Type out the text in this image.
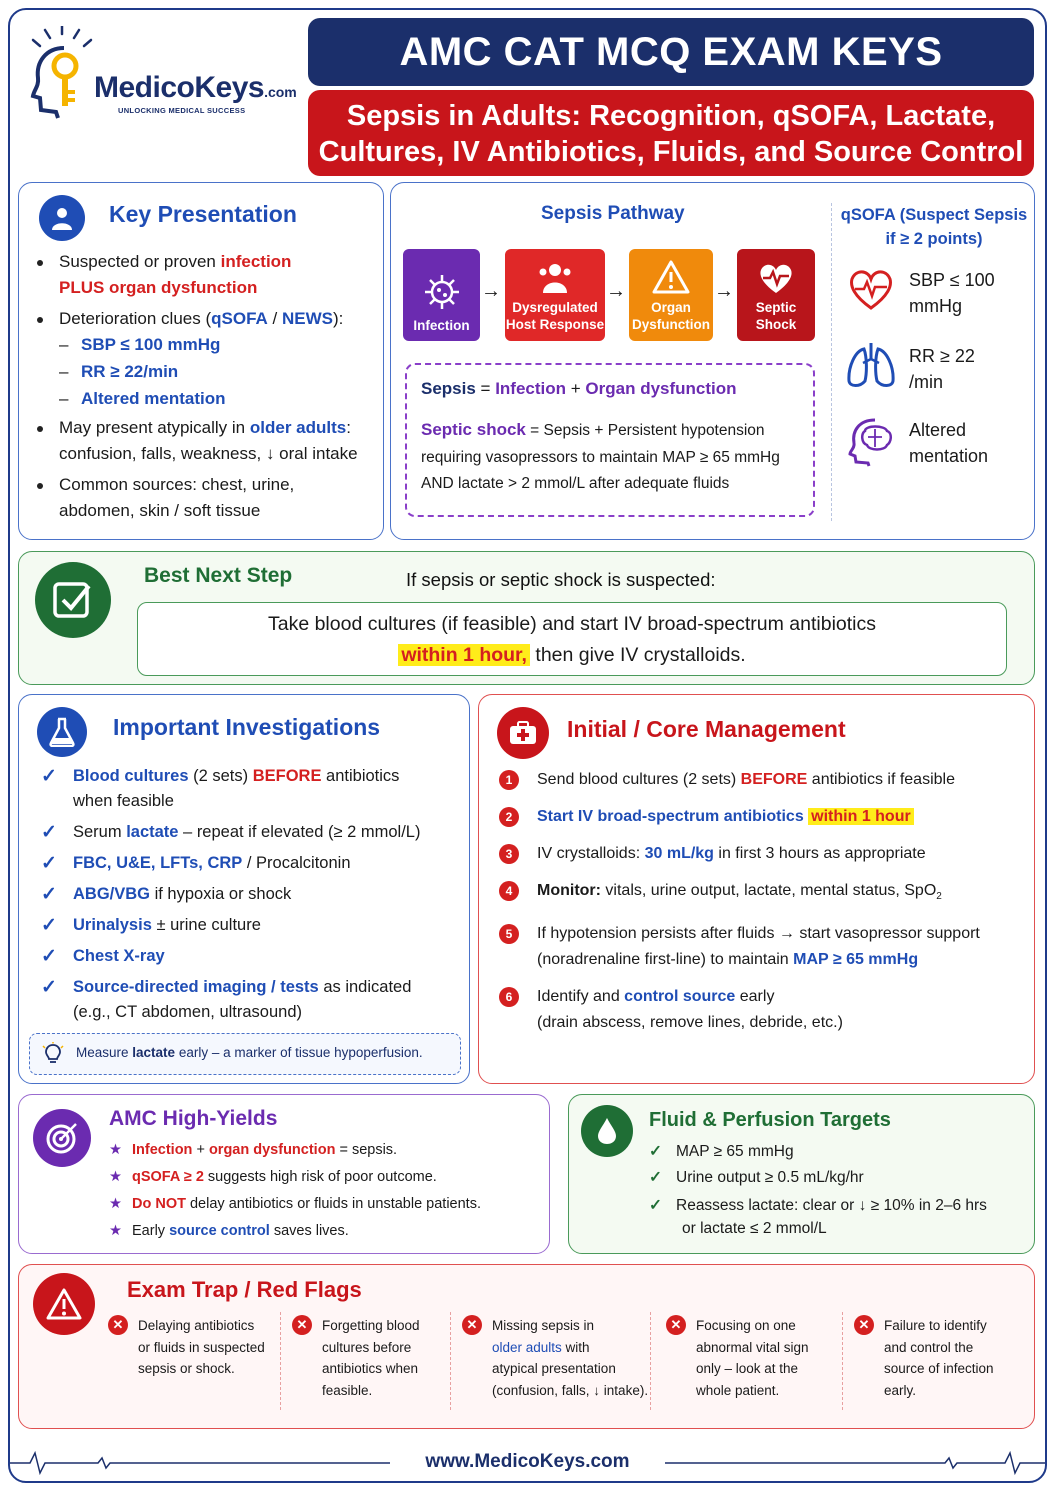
MedicoKeys.com
UNLOCKING MEDICAL SUCCESS
AMC CAT MCQ EXAM KEYS
Sepsis in Adults: Recognition, qSOFA, Lactate,
Cultures, IV Antibiotics, Fluids, and Source Control
Key Presentation
Suspected or proven infection
PLUS organ dysfunction
Deterioration clues (qSOFA / NEWS):
– SBP ≤ 100 mmHg
– RR ≥ 22/min
– Altered mentation
May present atypically in older adults:
confusion, falls, weakness, ↓ oral intake
Common sources: chest, urine,
abdomen, skin / soft tissue
Sepsis Pathway
Infection
→
Dysregulated
Host Response
→
Organ
Dysfunction
→
Septic
Shock
Sepsis = Infection + Organ dysfunction
Septic shock = Sepsis + Persistent hypotension
requiring vasopressors to maintain MAP ≥ 65 mmHg
AND lactate > 2 mmol/L after adequate fluids
qSOFA (Suspect Sepsis
if ≥ 2 points)
SBP ≤ 100
mmHg
RR ≥ 22
/min
Altered
mentation
Best Next Step	If sepsis or septic shock is suspected:
Take blood cultures (if feasible) and start IV broad-spectrum antibiotics
within 1 hour, then give IV crystalloids.
Important Investigations
✓ Blood cultures (2 sets) BEFORE antibiotics
when feasible
✓ Serum lactate – repeat if elevated (≥ 2 mmol/L)
✓ FBC, U&E, LFTs, CRP / Procalcitonin
✓ ABG/VBG if hypoxia or shock
✓ Urinalysis ± urine culture
✓ Chest X-ray
✓ Source-directed imaging / tests as indicated
(e.g., CT abdomen, ultrasound)
Measure lactate early – a marker of tissue hypoperfusion.
Initial / Core Management
1	Send blood cultures (2 sets) BEFORE antibiotics if feasible
2	Start IV broad-spectrum antibiotics within 1 hour
3	IV crystalloids: 30 mL/kg in first 3 hours as appropriate
4	Monitor: vitals, urine output, lactate, mental status, SpO$_2$
5	If hypotension persists after fluids → start vasopressor support
(noradrenaline first-line) to maintain MAP ≥ 65 mmHg
6	Identify and control source early
(drain abscess, remove lines, debride, etc.)
AMC High-Yields
★ Infection + organ dysfunction = sepsis.
★ qSOFA ≥ 2 suggests high risk of poor outcome.
★ Do NOT delay antibiotics or fluids in unstable patients.
★ Early source control saves lives.
Fluid & Perfusion Targets
✓ MAP ≥ 65 mmHg
✓ Urine output ≥ 0.5 mL/kg/hr
✓ Reassess lactate: clear or ↓ ≥ 10% in 2–6 hrs
or lactate ≤ 2 mmol/L
Exam Trap / Red Flags
✕	Delaying antibiotics
or fluids in suspected
sepsis or shock.
✕	Forgetting blood
cultures before
antibiotics when
feasible.
✕	Missing sepsis in
older adults with
atypical presentation
(confusion, falls, ↓ intake).
✕	Focusing on one
abnormal vital sign
only – look at the
whole patient.
✕	Failure to identify
and control the
source of infection
early.
www.MedicoKeys.com
